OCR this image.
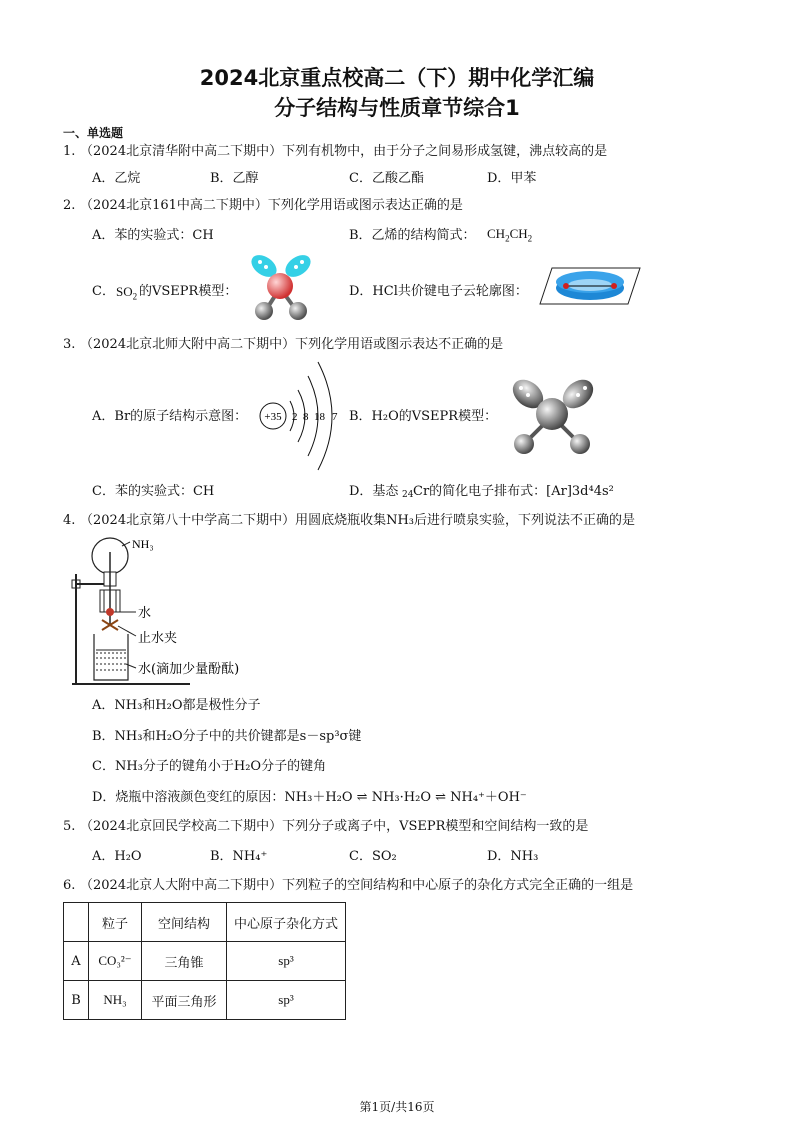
2024北京重点校高二（下）期中化学汇编
分子结构与性质章节综合1
一、单选题
1. （2024北京清华附中高二下期中）下列有机物中，由于分子之间易形成氢键，沸点较高的是
A．乙烷	B．乙醇	C．乙酸乙酯	D．甲苯
2. （2024北京161中高二下期中）下列化学用语或图示表达正确的是
A．苯的实验式：CH	B．乙烯的结构简式： $CH_2CH_2$
C． $SO_2$ 的VSEPR模型：	D．HCl共价键电子云轮廓图：
3. （2024北京北师大附中高二下期中）下列化学用语或图示表达不正确的是
A．Br的原子结构示意图： +35 2 8 18 7 B．H₂O的VSEPR模型：
C．苯的实验式：CH	D．基态 24 Cr的简化电子排布式：[Ar]3d⁴4s²
4. （2024北京第八十中学高二下期中）用圆底烧瓶收集NH₃后进行喷泉实验，下列说法不正确的是
NH₃
水
止水夹
水(滴加少量酚酞)
A．NH₃和H₂O都是极性分子
B．NH₃和H₂O分子中的共价键都是s－sp³σ键
C．NH₃分子的键角小于H₂O分子的键角
D．烧瓶中溶液颜色变红的原因：NH₃＋H₂O ⇌ NH₃·H₂O ⇌ NH₄⁺＋OH⁻
5. （2024北京回民学校高二下期中）下列分子或离子中，VSEPR模型和空间结构一致的是
A．H₂O	B．NH₄⁺	C．SO₂	D．NH₃
6. （2024北京人大附中高二下期中）下列粒子的空间结构和中心原子的杂化方式完全正确的一组是
	粒子	空间结构	中心原子杂化方式
A	CO₃²⁻	三角锥	sp³
B	NH₃	平面三角形	sp³
第1页/共16页
